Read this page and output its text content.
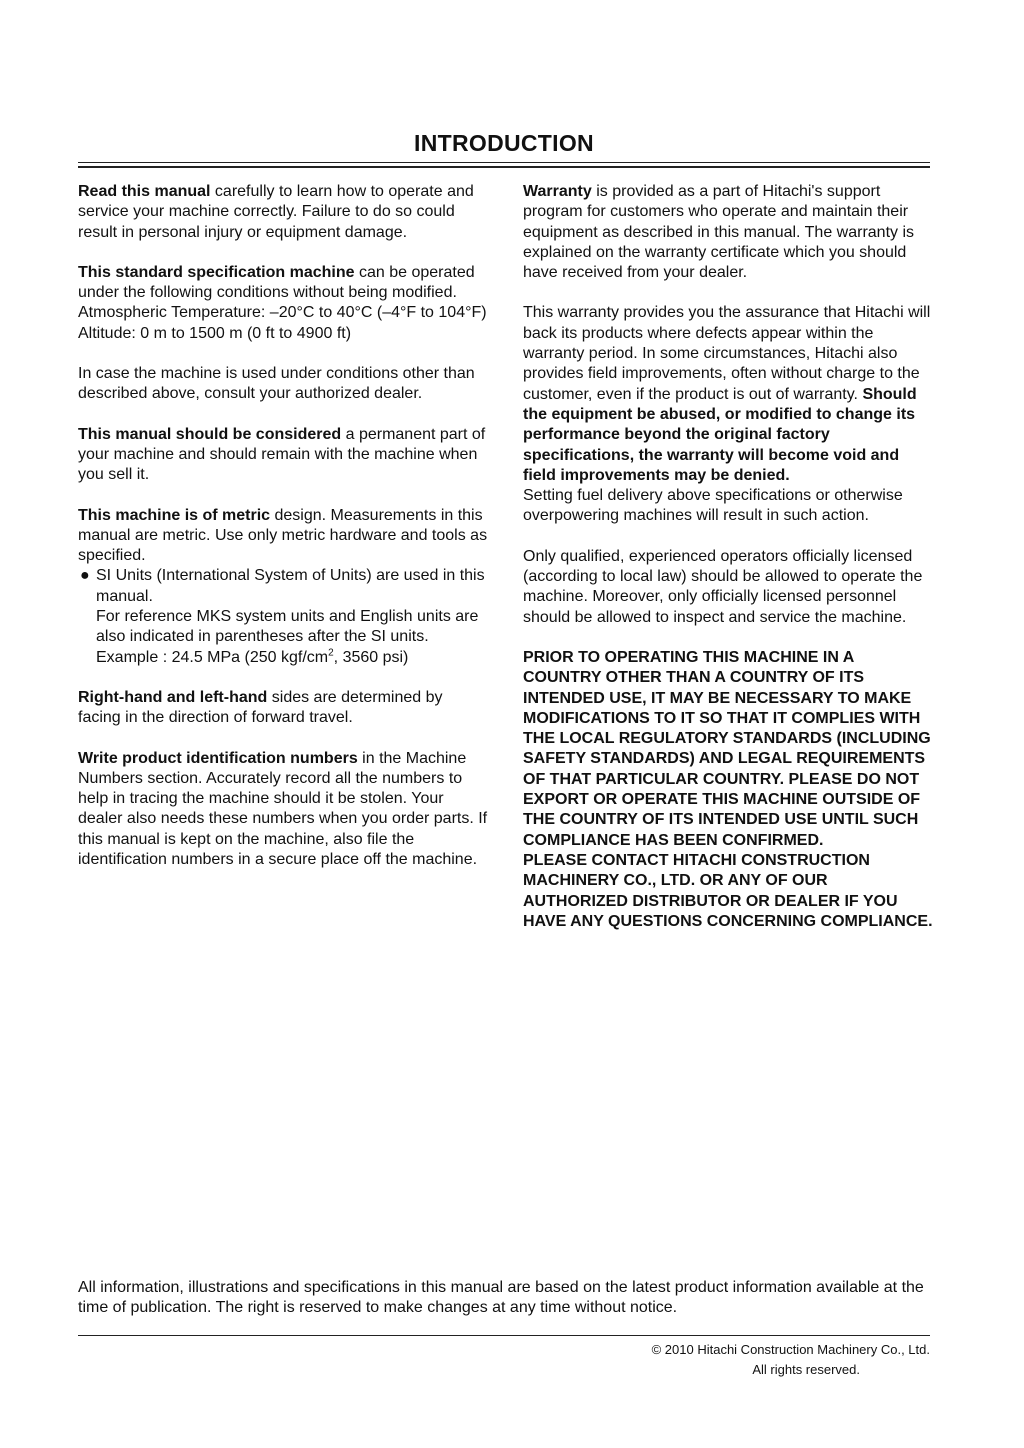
INTRODUCTION

Read this manual carefully to learn how to operate and service your machine correctly. Failure to do so could result in personal injury or equipment damage.

This standard specification machine can be operated under the following conditions without being modified.
Atmospheric Temperature: –20°C to 40°C (–4°F to 104°F)
Altitude: 0 m to 1500 m (0 ft to 4900 ft)

In case the machine is used under conditions other than described above, consult your authorized dealer.

This manual should be considered a permanent part of your machine and should remain with the machine when you sell it.

This machine is of metric design. Measurements in this manual are metric. Use only metric hardware and tools as specified.
● SI Units (International System of Units) are used in this manual.
For reference MKS system units and English units are also indicated in parentheses after the SI units.
Example : 24.5 MPa (250 kgf/$cm^2$, 3560 psi)

Right-hand and left-hand sides are determined by facing in the direction of forward travel.

Write product identification numbers in the Machine Numbers section. Accurately record all the numbers to help in tracing the machine should it be stolen. Your dealer also needs these numbers when you order parts. If this manual is kept on the machine, also file the identification numbers in a secure place off the machine.

Warranty is provided as a part of Hitachi's support program for customers who operate and maintain their equipment as described in this manual. The warranty is explained on the warranty certificate which you should have received from your dealer.

This warranty provides you the assurance that Hitachi will back its products where defects appear within the warranty period. In some circumstances, Hitachi also provides field improvements, often without charge to the customer, even if the product is out of warranty. Should the equipment be abused, or modified to change its performance beyond the original factory specifications, the warranty will become void and field improvements may be denied.
Setting fuel delivery above specifications or otherwise overpowering machines will result in such action.

Only qualified, experienced operators officially licensed (according to local law) should be allowed to operate the machine. Moreover, only officially licensed personnel should be allowed to inspect and service the machine.

PRIOR TO OPERATING THIS MACHINE IN A COUNTRY OTHER THAN A COUNTRY OF ITS INTENDED USE, IT MAY BE NECESSARY TO MAKE MODIFICATIONS TO IT SO THAT IT COMPLIES WITH THE LOCAL REGULATORY STANDARDS (INCLUDING SAFETY STANDARDS) AND LEGAL REQUIREMENTS OF THAT PARTICULAR COUNTRY. PLEASE DO NOT EXPORT OR OPERATE THIS MACHINE OUTSIDE OF THE COUNTRY OF ITS INTENDED USE UNTIL SUCH COMPLIANCE HAS BEEN CONFIRMED.
PLEASE CONTACT HITACHI CONSTRUCTION MACHINERY CO., LTD. OR ANY OF OUR AUTHORIZED DISTRIBUTOR OR DEALER IF YOU HAVE ANY QUESTIONS CONCERNING COMPLIANCE.

All information, illustrations and specifications in this manual are based on the latest product information available at the time of publication. The right is reserved to make changes at any time without notice.
© 2010 Hitachi Construction Machinery Co., Ltd.

All rights reserved.
